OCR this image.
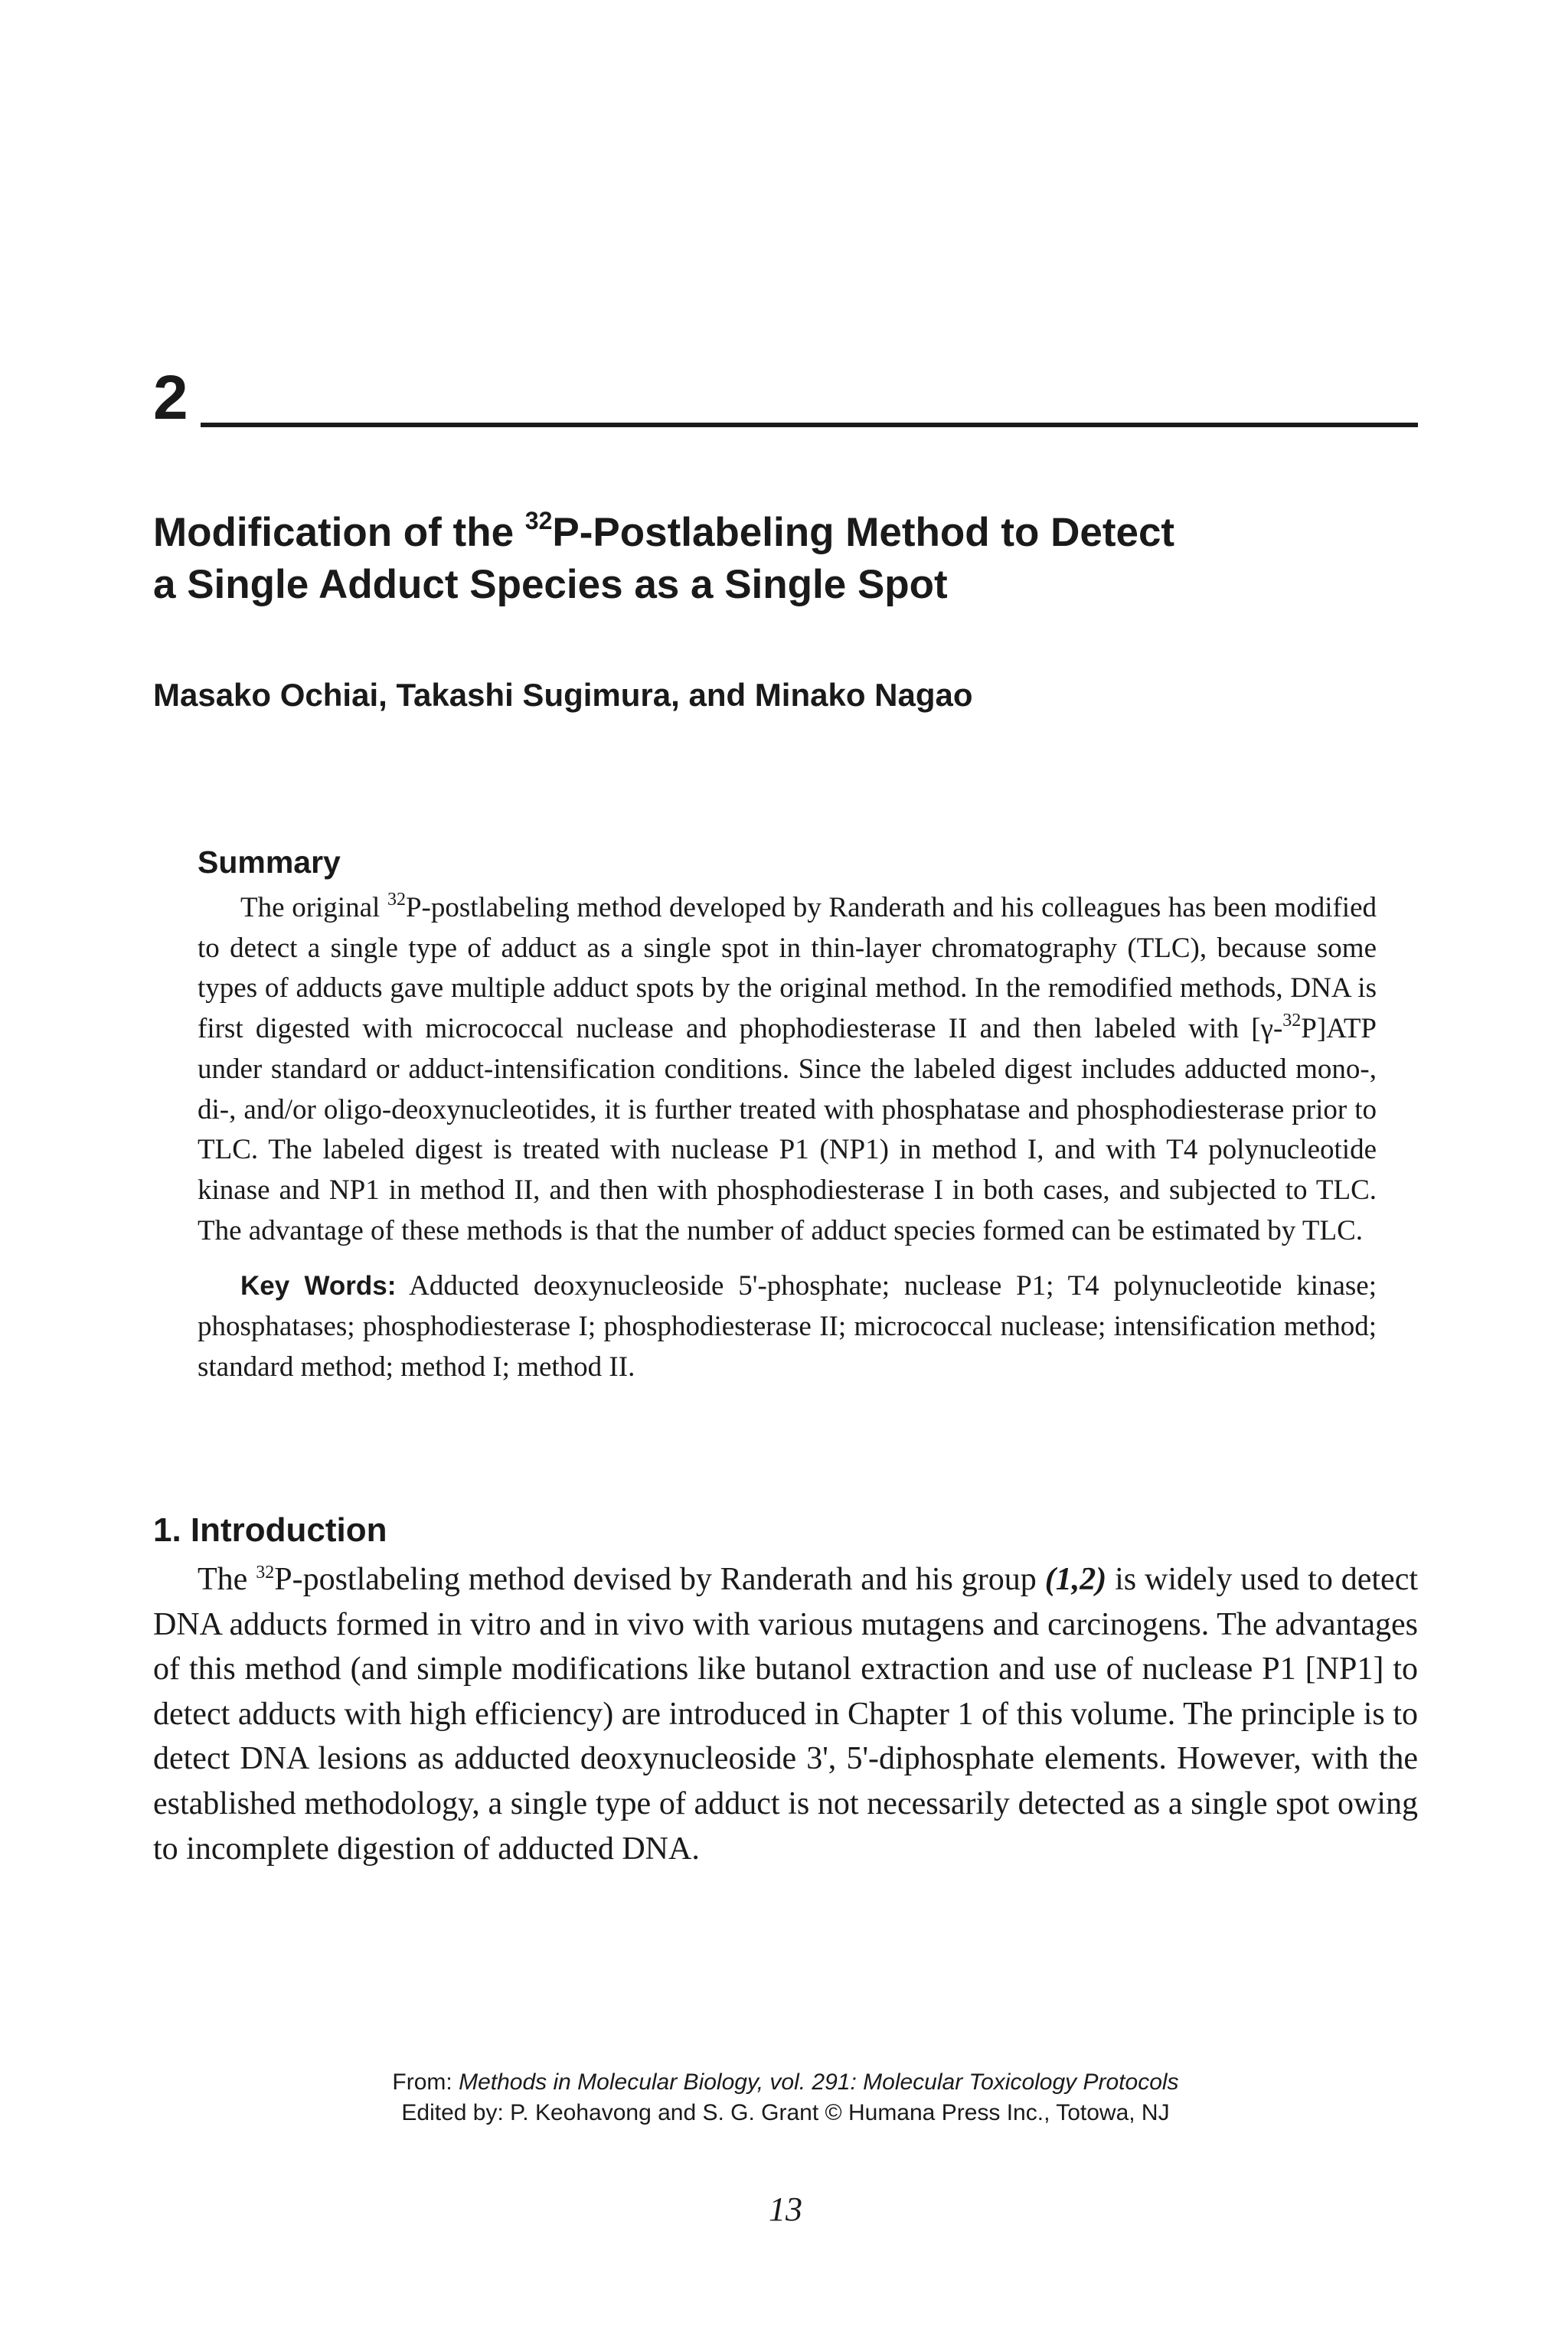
2
Modification of the $^{32}$P-Postlabeling Method to Detect
a Single Adduct Species as a Single Spot

Masako Ochiai, Takashi Sugimura, and Minako Nagao

Summary

The original $^{32}$P-postlabeling method developed by Randerath and his colleagues has been modified to detect a single type of adduct as a single spot in thin-layer chromatography (TLC), because some types of adducts gave multiple adduct spots by the original method. In the remodified methods, DNA is first digested with micrococcal nuclease and phophodiesterase II and then labeled with [γ-$^{32}$P]ATP under standard or adduct-intensification conditions. Since the labeled digest includes adducted mono-, di-, and/or oligo-deoxynucleotides, it is further treated with phosphatase and phosphodiesterase prior to TLC. The labeled digest is treated with nuclease P1 (NP1) in method I, and with T4 polynucleotide kinase and NP1 in method II, and then with phosphodiesterase I in both cases, and subjected to TLC. The advantage of these methods is that the number of adduct species formed can be estimated by TLC.

Key Words: Adducted deoxynucleoside 5'-phosphate; nuclease P1; T4 polynucleotide kinase; phosphatases; phosphodiesterase I; phosphodiesterase II; micrococcal nuclease; intensification method; standard method; method I; method II.

1. Introduction

The $^{32}$P-postlabeling method devised by Randerath and his group (1,2) is widely used to detect DNA adducts formed in vitro and in vivo with various mutagens and carcinogens. The advantages of this method (and simple modifications like butanol extraction and use of nuclease P1 [NP1] to detect adducts with high efficiency) are introduced in Chapter 1 of this volume. The principle is to detect DNA lesions as adducted deoxynucleoside 3', 5'-diphosphate elements. However, with the established methodology, a single type of adduct is not necessarily detected as a single spot owing to incomplete digestion of adducted DNA.

From: Methods in Molecular Biology, vol. 291: Molecular Toxicology Protocols
Edited by: P. Keohavong and S. G. Grant © Humana Press Inc., Totowa, NJ

13
